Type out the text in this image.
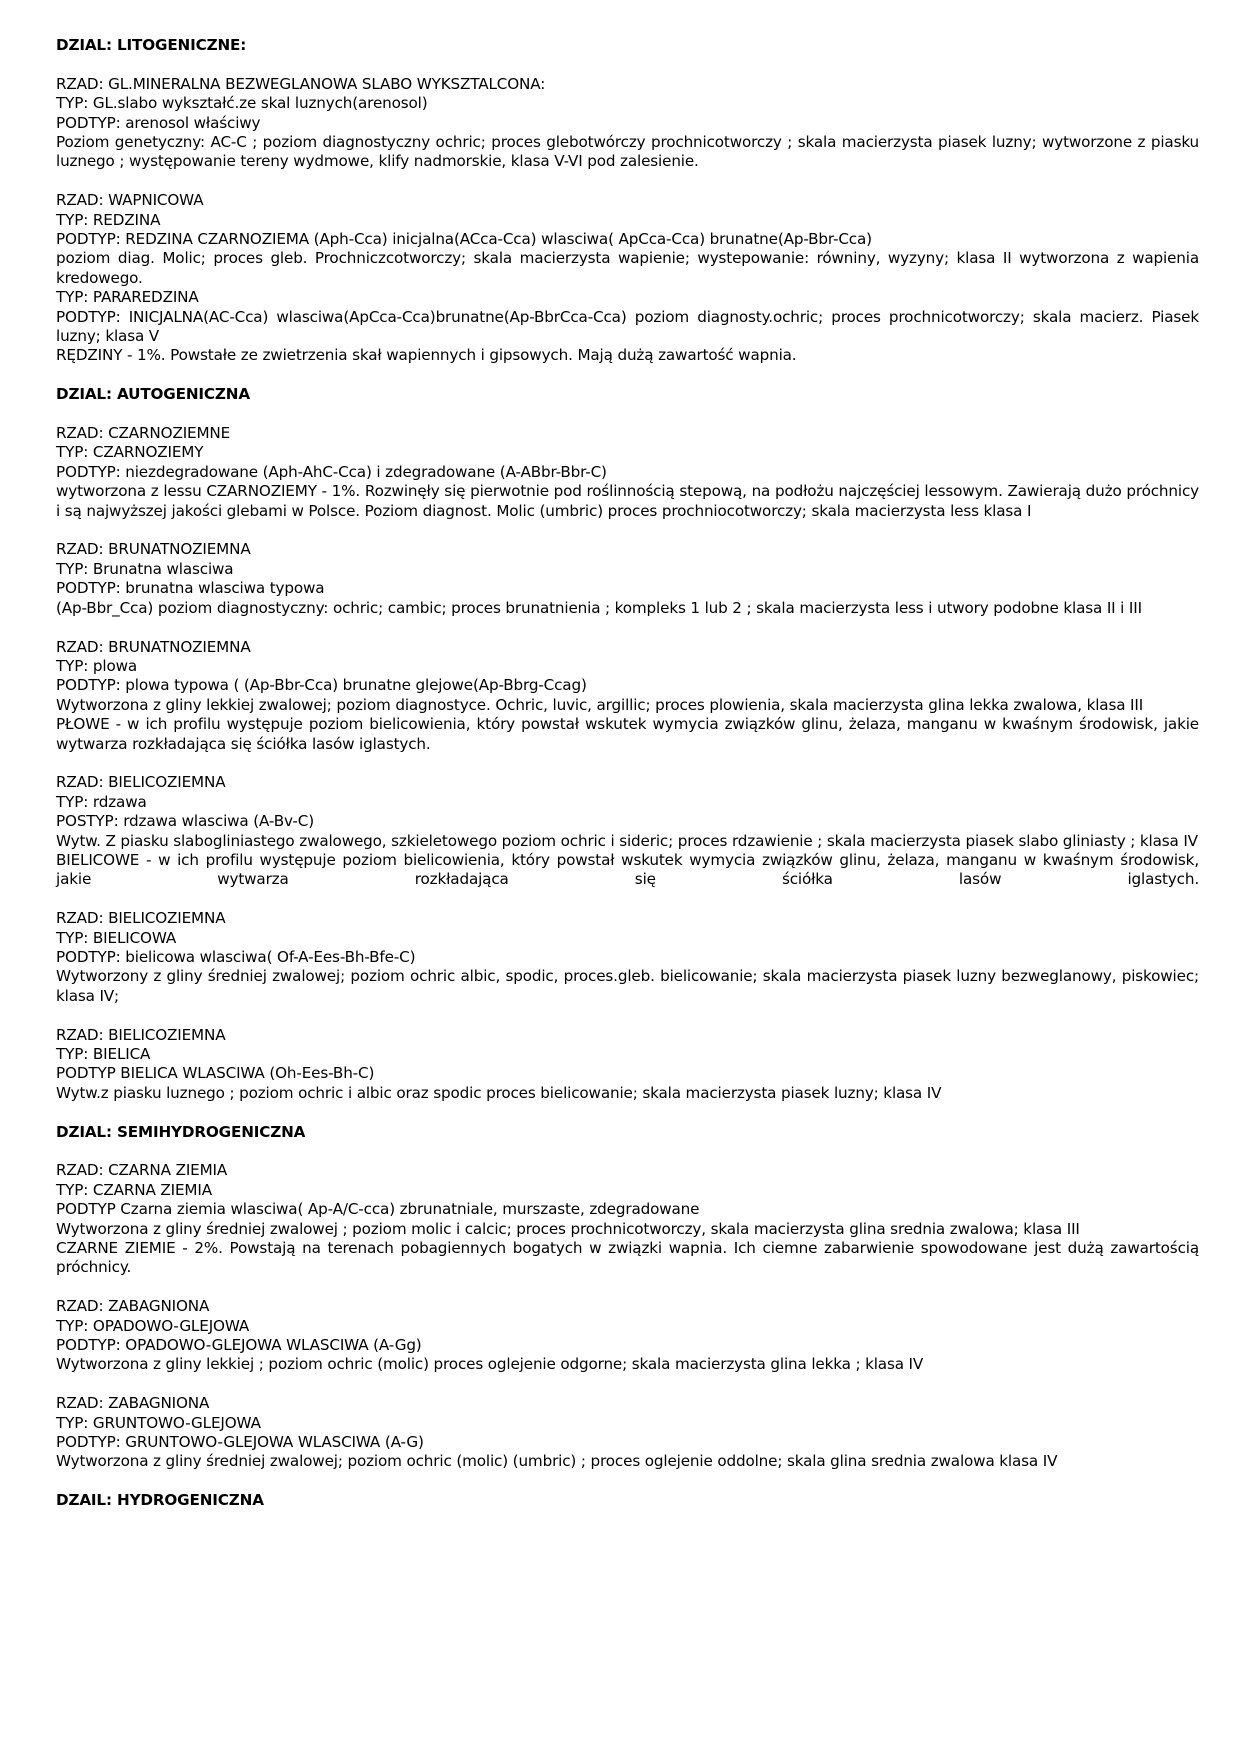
DZIAL: LITOGENICZNE:

RZAD: GL.MINERALNA BEZWEGLANOWA SLABO WYKSZTALCONA:

TYP: GL.slabo wykształć.ze skal luznych(arenosol)

PODTYP: arenosol właściwy

Poziom genetyczny: AC-C ; poziom diagnostyczny ochric; proces glebotwórczy prochnicotworczy ; skala macierzysta piasek luzny; wytworzone z piasku luznego ; występowanie tereny wydmowe, klify nadmorskie, klasa V-VI pod zalesienie.

RZAD: WAPNICOWA

TYP: REDZINA

PODTYP: REDZINA CZARNOZIEMA (Aph-Cca) inicjalna(ACca-Cca) wlasciwa( ApCca-Cca) brunatne(Ap-Bbr-Cca)

poziom diag. Molic; proces gleb. Prochniczcotworczy; skala macierzysta wapienie; wystepowanie: równiny, wyzyny; klasa II wytworzona z wapienia kredowego.

TYP: PARAREDZINA

PODTYP: INICJALNA(AC-Cca) wlasciwa(ApCca-Cca)brunatne(Ap-BbrCca-Cca) poziom diagnosty.ochric; proces prochnicotworczy; skala macierz. Piasek luzny; klasa V

RĘDZINY - 1%. Powstałe ze zwietrzenia skał wapiennych i gipsowych. Mają dużą zawartość wapnia.

DZIAL: AUTOGENICZNA

RZAD: CZARNOZIEMNE

TYP: CZARNOZIEMY

PODTYP: niezdegradowane (Aph-AhC-Cca) i zdegradowane (A-ABbr-Bbr-C)

wytworzona z lessu CZARNOZIEMY - 1%. Rozwinęły się pierwotnie pod roślinnością stepową, na podłożu najczęściej lessowym. Zawierają dużo próchnicy i są najwyższej jakości glebami w Polsce. Poziom diagnost. Molic (umbric) proces prochniocotworczy; skala macierzysta less klasa I

RZAD: BRUNATNOZIEMNA

TYP: Brunatna wlasciwa

PODTYP: brunatna wlasciwa typowa

(Ap-Bbr_Cca) poziom diagnostyczny: ochric; cambic; proces brunatnienia ; kompleks 1 lub 2 ; skala macierzysta less i utwory podobne klasa II i III

RZAD: BRUNATNOZIEMNA

TYP: plowa

PODTYP: plowa typowa ( (Ap-Bbr-Cca) brunatne glejowe(Ap-Bbrg-Ccag)

Wytworzona z gliny lekkiej zwalowej; poziom diagnostyce. Ochric, luvic, argillic; proces plowienia, skala macierzysta glina lekka zwalowa, klasa III

PŁOWE - w ich profilu występuje poziom bielicowienia, który powstał wskutek wymycia związków glinu, żelaza, manganu w kwaśnym środowisk, jakie wytwarza rozkładająca się ściółka lasów iglastych.

RZAD: BIELICOZIEMNA

TYP: rdzawa

POSTYP: rdzawa wlasciwa (A-Bv-C)

Wytw. Z piasku slabogliniastego zwalowego, szkieletowego poziom ochric i sideric; proces rdzawienie ; skala macierzysta piasek slabo gliniasty ; klasa IV

BIELICOWE - w ich profilu występuje poziom bielicowienia, który powstał wskutek wymycia związków glinu, żelaza, manganu w kwaśnym środowisk, jakie wytwarza rozkładająca się ściółka lasów iglastych.

RZAD: BIELICOZIEMNA

TYP: BIELICOWA

PODTYP: bielicowa wlasciwa( Of-A-Ees-Bh-Bfe-C)

Wytworzony z gliny średniej zwalowej; poziom ochric albic, spodic, proces.gleb. bielicowanie; skala macierzysta piasek luzny bezweglanowy, piskowiec; klasa IV;

RZAD: BIELICOZIEMNA

TYP: BIELICA

PODTYP BIELICA WLASCIWA (Oh-Ees-Bh-C)

Wytw.z piasku luznego ; poziom ochric i albic oraz spodic proces bielicowanie; skala macierzysta piasek luzny; klasa IV

DZIAL: SEMIHYDROGENICZNA

RZAD: CZARNA ZIEMIA

TYP: CZARNA ZIEMIA

PODTYP Czarna ziemia wlasciwa( Ap-A/C-cca) zbrunatniale, murszaste, zdegradowane

Wytworzona z gliny średniej zwalowej ; poziom molic i calcic; proces prochnicotworczy, skala macierzysta glina srednia zwalowa; klasa III

CZARNE ZIEMIE - 2%. Powstają na terenach pobagiennych bogatych w związki wapnia. Ich ciemne zabarwienie spowodowane jest dużą zawartością próchnicy.

RZAD: ZABAGNIONA

TYP: OPADOWO-GLEJOWA

PODTYP: OPADOWO-GLEJOWA WLASCIWA (A-Gg)

Wytworzona z gliny lekkiej ; poziom ochric (molic) proces oglejenie odgorne; skala macierzysta glina lekka ; klasa IV

RZAD: ZABAGNIONA

TYP: GRUNTOWO-GLEJOWA

PODTYP: GRUNTOWO-GLEJOWA WLASCIWA (A-G)

Wytworzona z gliny średniej zwalowej; poziom ochric (molic) (umbric) ; proces oglejenie oddolne; skala glina srednia zwalowa klasa IV

DZAIL: HYDROGENICZNA
